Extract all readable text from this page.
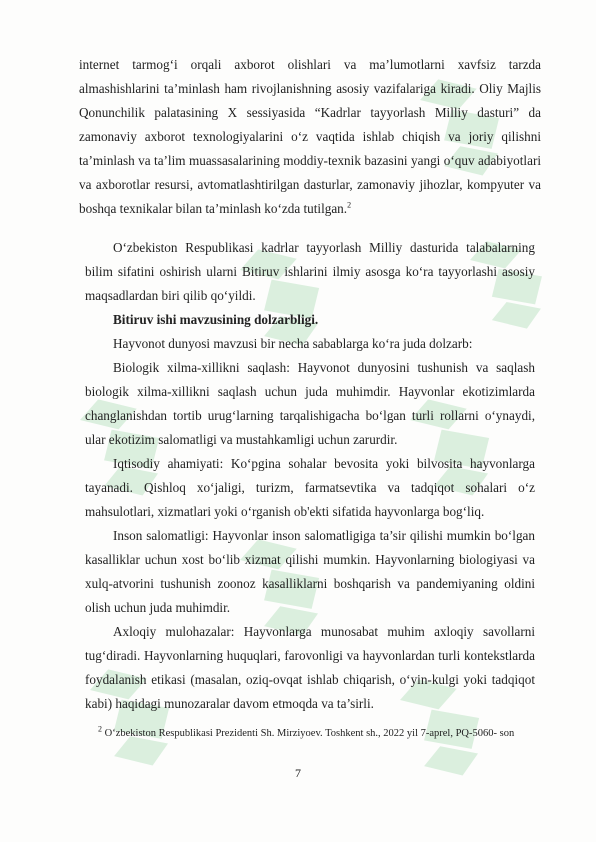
internet tarmog‘i orqali axborot olishlari va ma’lumotlarni xavfsiz tarzda almashishlarini ta’minlash ham rivojlanishning asosiy vazifalariga kiradi. Oliy Majlis Qonunchilik palatasining X sessiyasida “Kadrlar tayyorlash Milliy dasturi” da zamonaviy axborot texnologiyalarini o‘z vaqtida ishlab chiqish va joriy qilishni ta’minlash va ta’lim muassasalarining moddiy-texnik bazasini yangi o‘quv adabiyotlari va axborotlar resursi, avtomatlashtirilgan dasturlar, zamonaviy jihozlar, kompyuter va boshqa texnikalar bilan ta’minlash ko‘zda tutilgan.$^2$

O‘zbekiston Respublikasi kadrlar tayyorlash Milliy dasturida talabalarning bilim sifatini oshirish ularni Bitiruv ishlarini ilmiy asosga ko‘ra tayyorlashi asosiy maqsadlardan biri qilib qo‘yildi.

Bitiruv ishi mavzusining dolzarbligi.

Hayvonot dunyosi mavzusi bir necha sabablarga ko‘ra juda dolzarb:

Biologik xilma-xillikni saqlash: Hayvonot dunyosini tushunish va saqlash biologik xilma-xillikni saqlash uchun juda muhimdir. Hayvonlar ekotizimlarda changlanishdan tortib urug‘larning tarqalishigacha bo‘lgan turli rollarni o‘ynaydi, ular ekotizim salomatligi va mustahkamligi uchun zarurdir.

Iqtisodiy ahamiyati: Ko‘pgina sohalar bevosita yoki bilvosita hayvonlarga tayanadi. Qishloq xo‘jaligi, turizm, farmatsevtika va tadqiqot sohalari o‘z mahsulotlari, xizmatlari yoki o‘rganish ob'ekti sifatida hayvonlarga bog‘liq.

Inson salomatligi: Hayvonlar inson salomatligiga ta’sir qilishi mumkin bo‘lgan kasalliklar uchun xost bo‘lib xizmat qilishi mumkin. Hayvonlarning biologiyasi va xulq-atvorini tushunish zoonoz kasalliklarni boshqarish va pandemiyaning oldini olish uchun juda muhimdir.

Axloqiy mulohazalar: Hayvonlarga munosabat muhim axloqiy savollarni tug‘diradi. Hayvonlarning huquqlari, farovonligi va hayvonlardan turli kontekstlarda foydalanish etikasi (masalan, oziq-ovqat ishlab chiqarish, o‘yin-kulgi yoki tadqiqot kabi) haqidagi munozaralar davom etmoqda va ta’sirli.

$^2$ O‘zbekiston Respublikasi Prezidenti Sh. Mirziyoev. Toshkent sh., 2022 yil 7-aprel, PQ-5060- son

7
